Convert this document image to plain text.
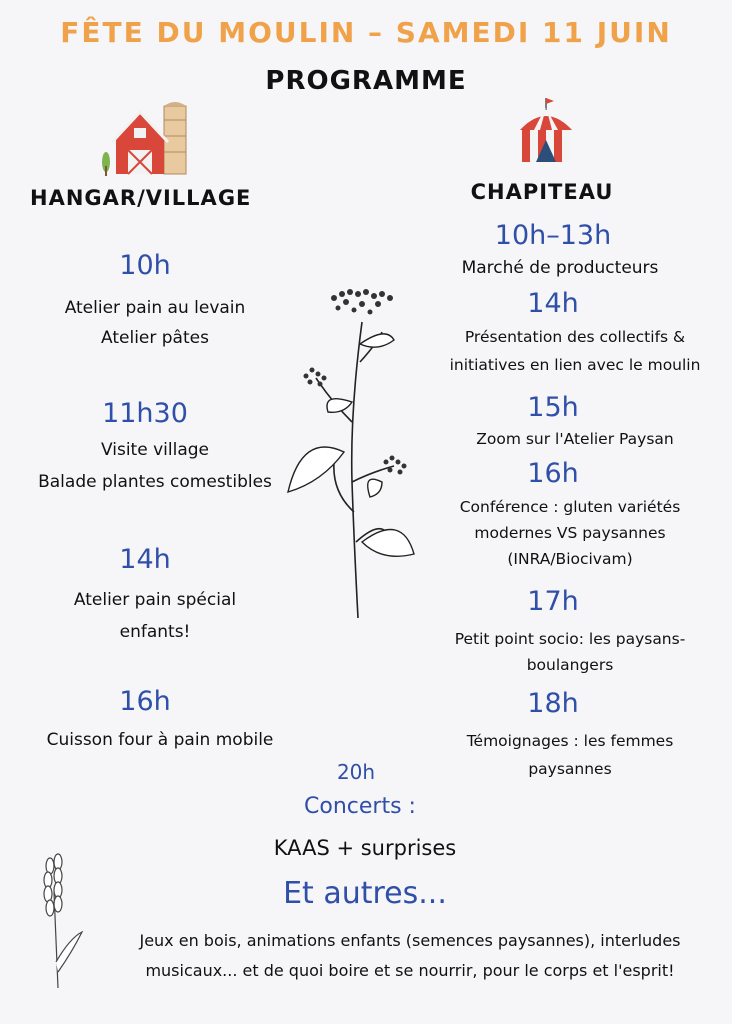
FÊTE DU MOULIN – SAMEDI 11 JUIN
PROGRAMME
HANGAR/VILLAGE	CHAPITEAU
10h
Atelier pain au levain
Atelier pâtes
11h30
Visite village
Balade plantes comestibles
14h
Atelier pain spécial
enfants!
16h
Cuisson four à pain mobile
10h–13h
Marché de producteurs
14h
Présentation des collectifs &
initiatives en lien avec le moulin
15h
Zoom sur l'Atelier Paysan
16h
Conférence : gluten variétés
modernes VS paysannes
(INRA/Biocivam)
17h
Petit point socio: les paysans-
boulangers
18h
Témoignages : les femmes
paysannes
20h
Concerts :
KAAS + surprises
Et autres...
Jeux en bois, animations enfants (semences paysannes), interludes
musicaux... et de quoi boire et se nourrir, pour le corps et l'esprit!
